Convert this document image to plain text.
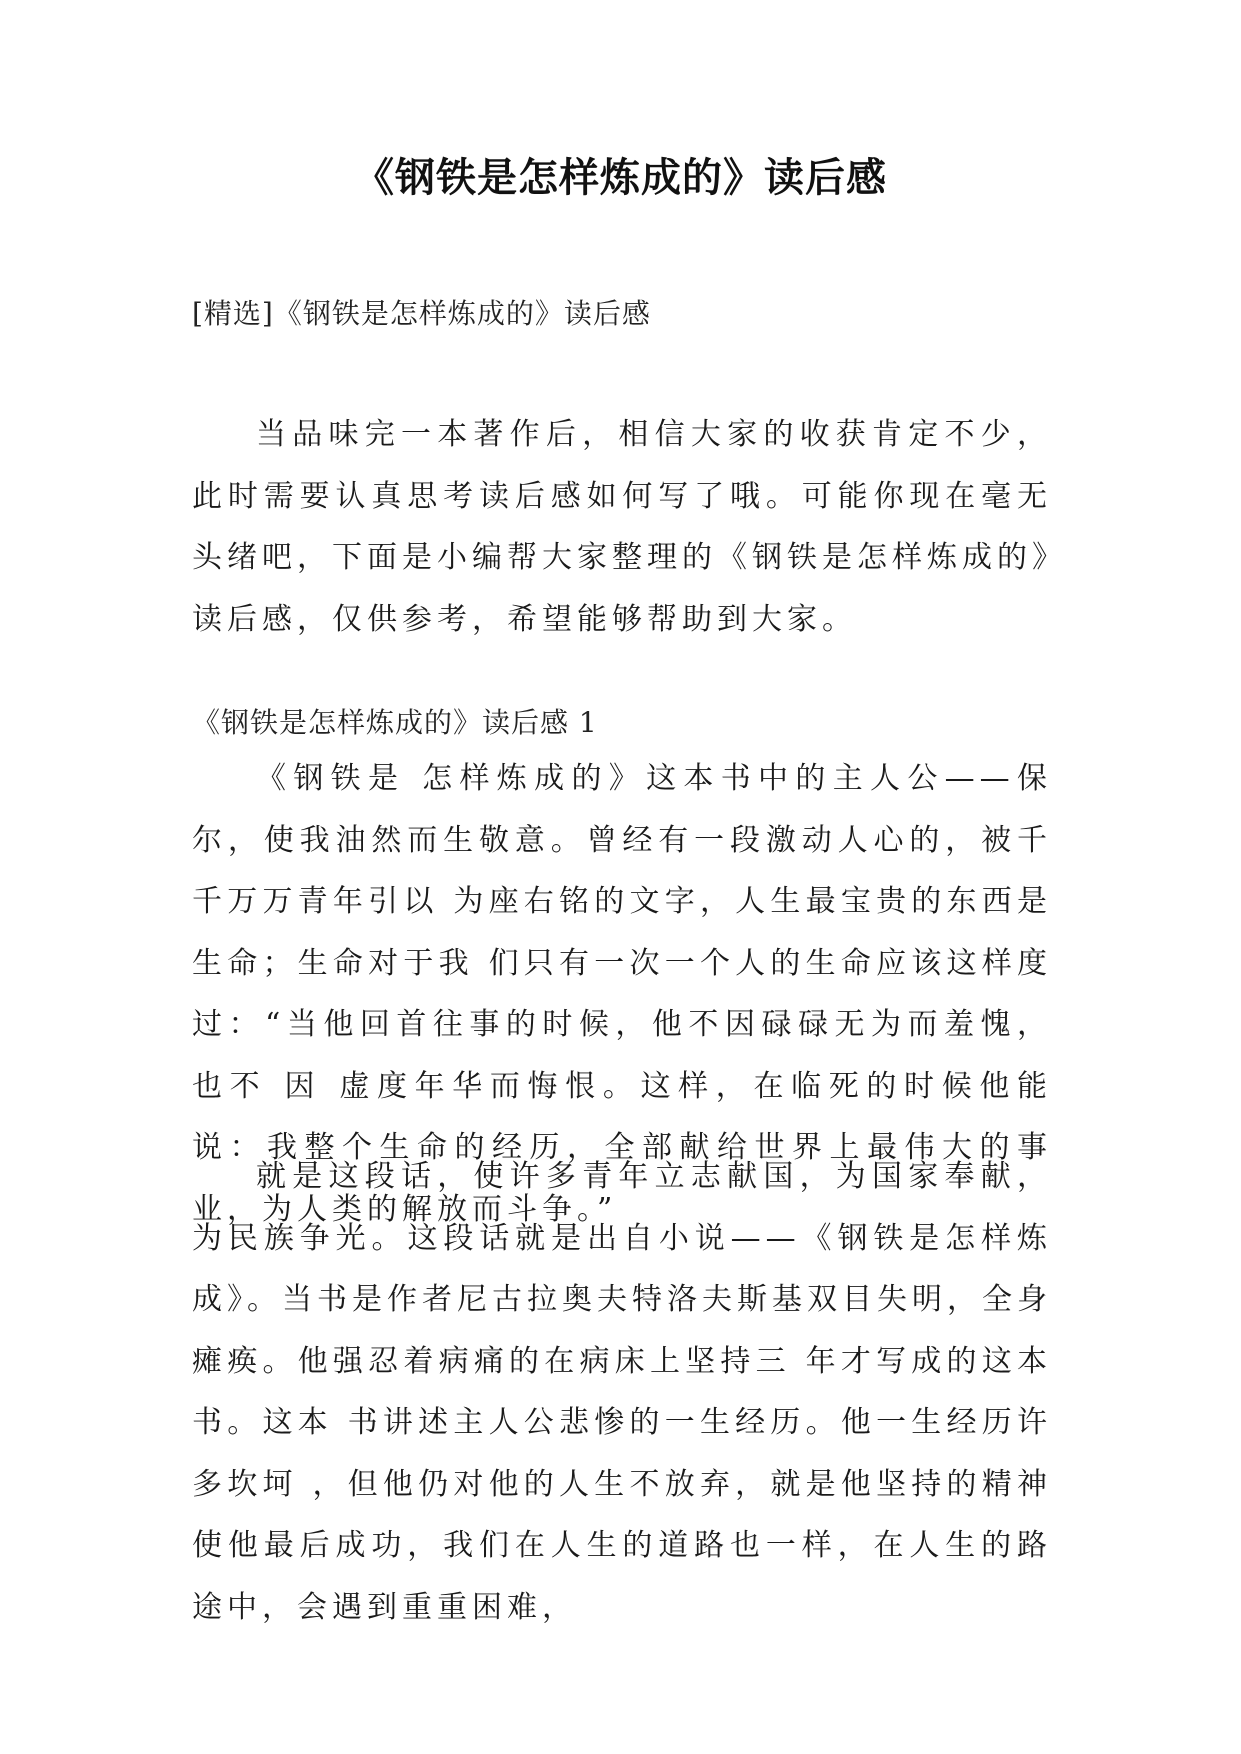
《钢铁是怎样炼成的》读后感

[精选]《钢铁是怎样炼成的》读后感

当品味完一本著作后，相信大家的收获肯定不少，此时需要认真思考读后感如何写了哦。可能你现在毫无头绪吧，下面是小编帮大家整理的《钢铁是怎样炼成的》读后感，仅供参考，希望能够帮助到大家。

《钢铁是怎样炼成的》读后感 1

《钢铁是 怎样炼成的》这本书中的主人公——保尔，使我油然而生敬意。曾经有一段激动人心的，被千千万万青年引以 为座右铭的文字，人生最宝贵的东西是生命；生命对于我 们只有一次一个人的生命应该这样度过：“当他回首往事的时候，他不因碌碌无为而羞愧，也不 因 虚度年华而悔恨。这样，在临死的时候他能说：我整个生命的经历，全部献给世界上最伟大的事业，为人类的解放而斗争。”

就是这段话，使许多青年立志献国，为国家奉献，为民族争光。这段话就是出自小说——《钢铁是怎样炼成》。当书是作者尼古拉奥夫特洛夫斯基双目失明，全身瘫痪。他强忍着病痛的在病床上坚持三 年才写成的这本书。这本 书讲述主人公悲惨的一生经历。他一生经历许多坎坷 ，但他仍对他的人生不放弃，就是他坚持的精神使他最后成功，我们在人生的道路也一样，在人生的路途中，会遇到重重困难，
